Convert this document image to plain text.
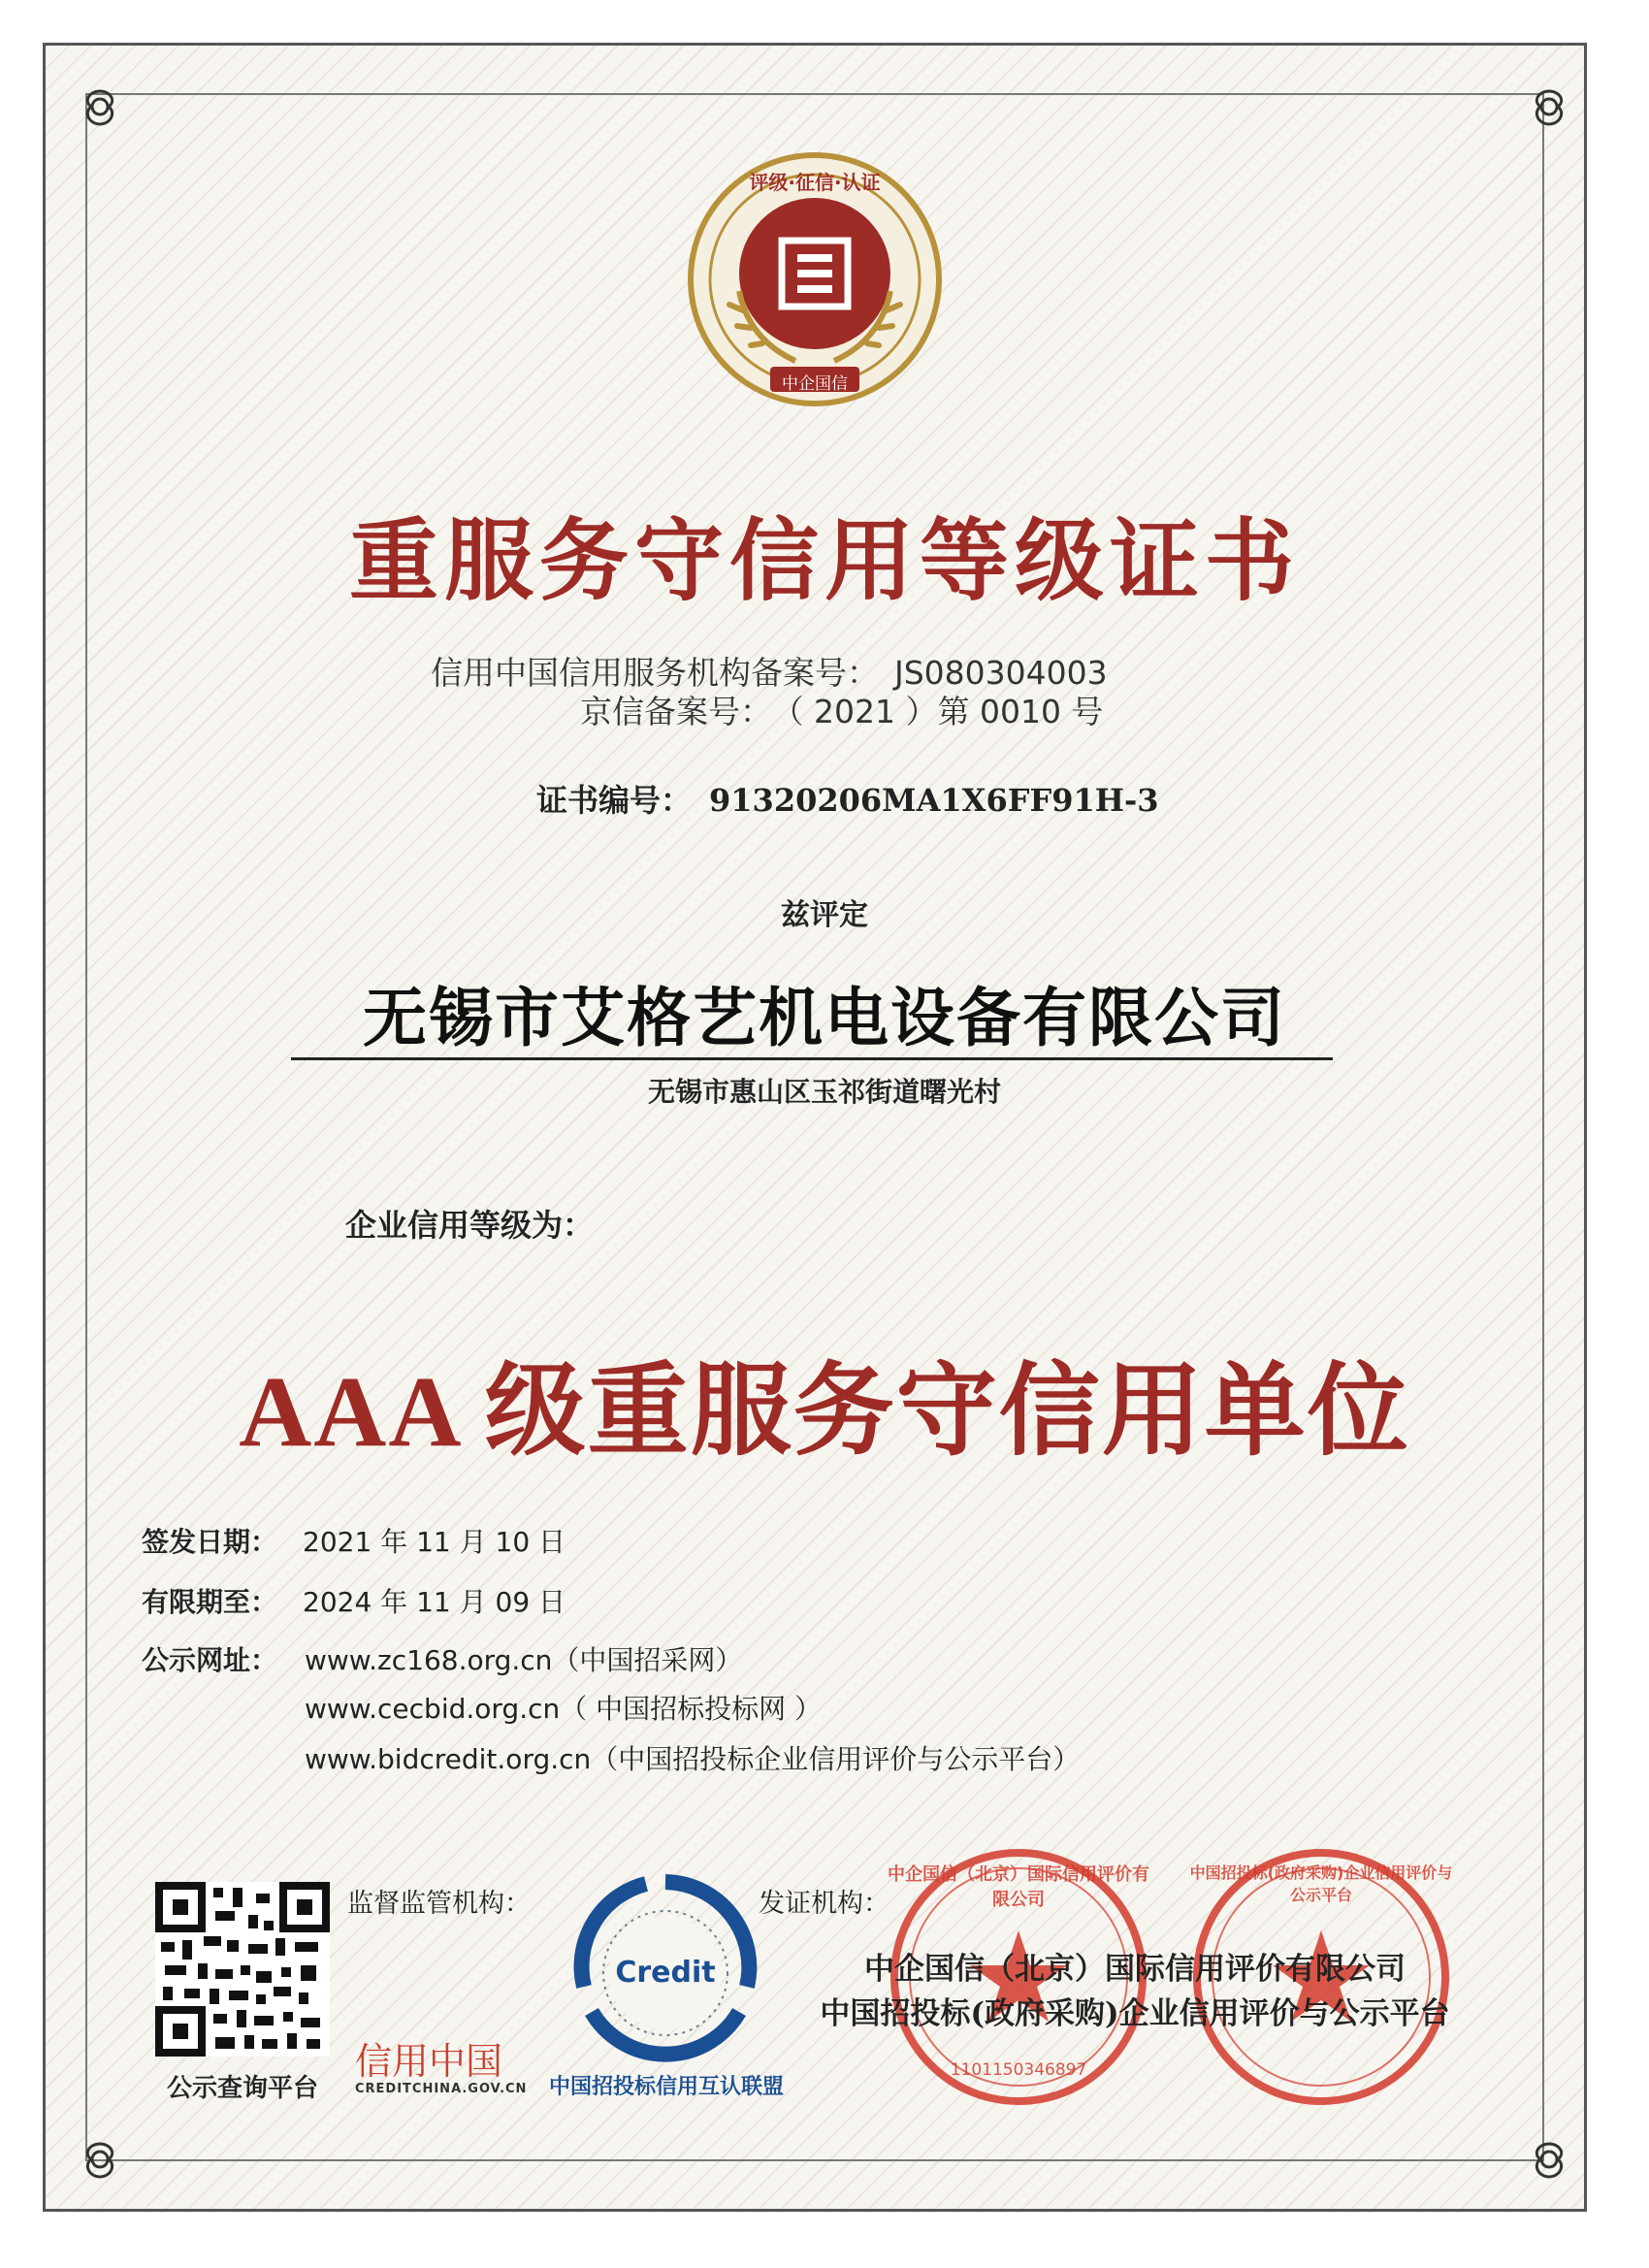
评级·征信·认证
中企国信
重服务守信用等级证书
信用中国信用服务机构备案号： JS080304003
京信备案号： （ 2021 ）第 0010 号
证书编号： 91320206MA1X6FF91H-3
兹评定
无锡市艾格艺机电设备有限公司
无锡市惠山区玉祁街道曙光村
企业信用等级为：
AAA 级重服务守信用单位
签发日期： 2021 年 11 月 10 日
有限期至： 2024 年 11 月 09 日
公示网址： www.zc168.org.cn（中国招采网）
www.cecbid.org.cn（ 中国招标投标网 ）
www.bidcredit.org.cn（中国招投标企业信用评价与公示平台）
公示查询平台
监督监管机构：
信用中国
CREDITCHINA.GOV.CN
Credit
中国招投标信用互认联盟
发证机构：
中企国信（北京）国际信用评价有限公司
1101150346897
中国招投标(政府采购)企业信用评价与公示平台
中企国信（北京）国际信用评价有限公司
中国招投标(政府采购)企业信用评价与公示平台
